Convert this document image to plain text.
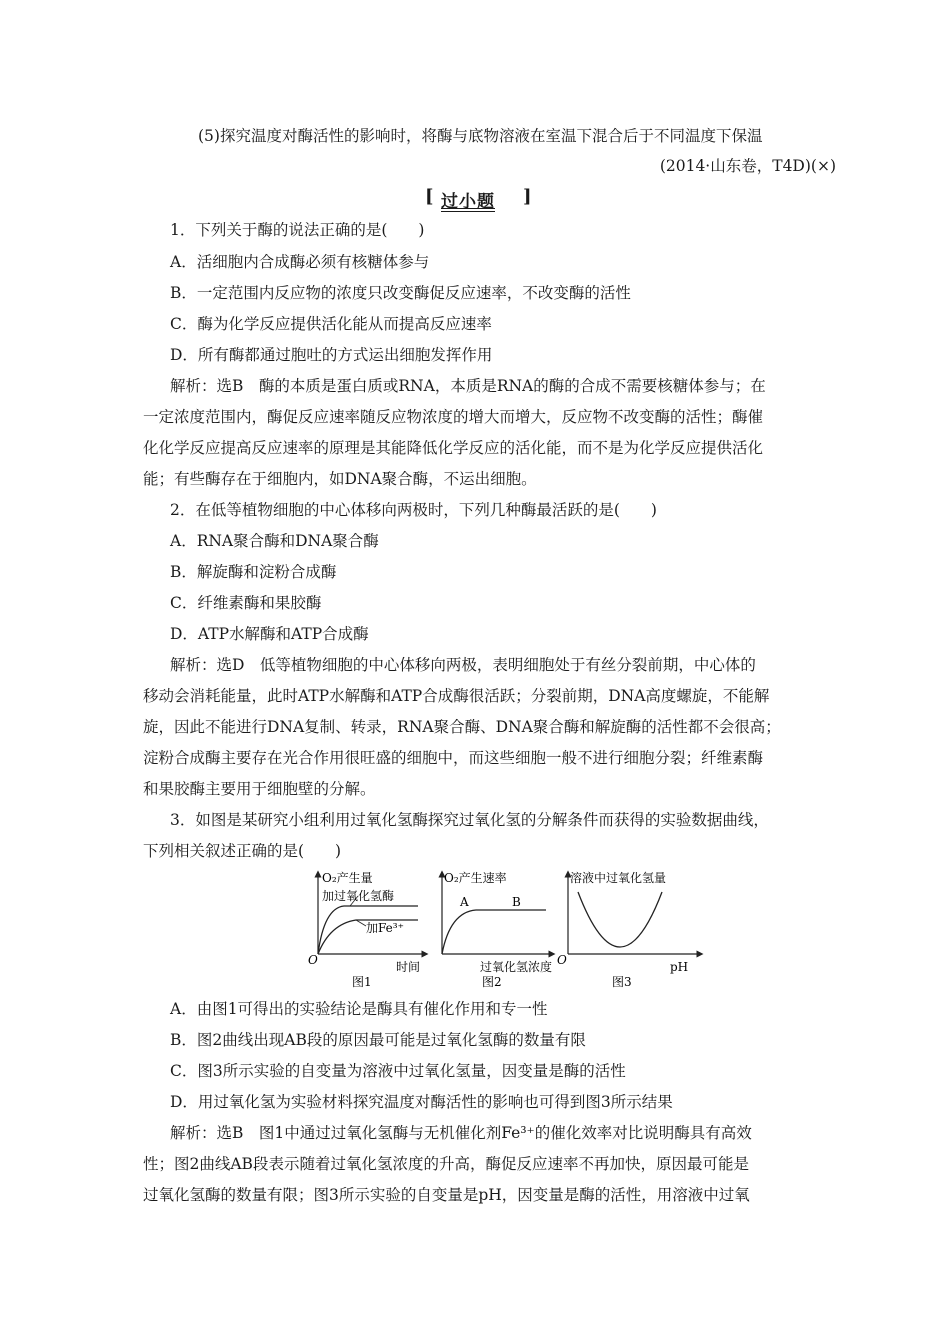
(5)探究温度对酶活性的影响时，将酶与底物溶液在室温下混合后于不同温度下保温
(2014·山东卷，T4D)(×)
[ 过小题 ]
1．下列关于酶的说法正确的是(　　)
A．活细胞内合成酶必须有核糖体参与
B．一定范围内反应物的浓度只改变酶促反应速率，不改变酶的活性
C．酶为化学反应提供活化能从而提高反应速率
D．所有酶都通过胞吐的方式运出细胞发挥作用
解析：选B　酶的本质是蛋白质或RNA，本质是RNA的酶的合成不需要核糖体参与；在
一定浓度范围内，酶促反应速率随反应物浓度的增大而增大，反应物不改变酶的活性；酶催
化化学反应提高反应速率的原理是其能降低化学反应的活化能，而不是为化学反应提供活化
能；有些酶存在于细胞内，如DNA聚合酶，不运出细胞。
2．在低等植物细胞的中心体移向两极时，下列几种酶最活跃的是(　　)
A．RNA聚合酶和DNA聚合酶
B．解旋酶和淀粉合成酶
C．纤维素酶和果胶酶
D．ATP水解酶和ATP合成酶
解析：选D　低等植物细胞的中心体移向两极，表明细胞处于有丝分裂前期，中心体的
移动会消耗能量，此时ATP水解酶和ATP合成酶很活跃；分裂前期，DNA高度螺旋，不能解
旋，因此不能进行DNA复制、转录，RNA聚合酶、DNA聚合酶和解旋酶的活性都不会很高；
淀粉合成酶主要存在光合作用很旺盛的细胞中，而这些细胞一般不进行细胞分裂；纤维素酶
和果胶酶主要用于细胞壁的分解。
3．如图是某研究小组利用过氧化氢酶探究过氧化氢的分解条件而获得的实验数据曲线，
下列相关叙述正确的是(　　)
O₂产生量
加过氧化氢酶
加Fe³⁺
O	时间
图1
O₂产生速率
A	B
过氧化氢浓度
图2
溶液中过氧化氢量
O	pH
图3
A．由图1可得出的实验结论是酶具有催化作用和专一性
B．图2曲线出现AB段的原因最可能是过氧化氢酶的数量有限
C．图3所示实验的自变量为溶液中过氧化氢量，因变量是酶的活性
D．用过氧化氢为实验材料探究温度对酶活性的影响也可得到图3所示结果
解析：选B　图1中通过过氧化氢酶与无机催化剂Fe³⁺的催化效率对比说明酶具有高效
性；图2曲线AB段表示随着过氧化氢浓度的升高，酶促反应速率不再加快，原因最可能是
过氧化氢酶的数量有限；图3所示实验的自变量是pH，因变量是酶的活性，用溶液中过氧
